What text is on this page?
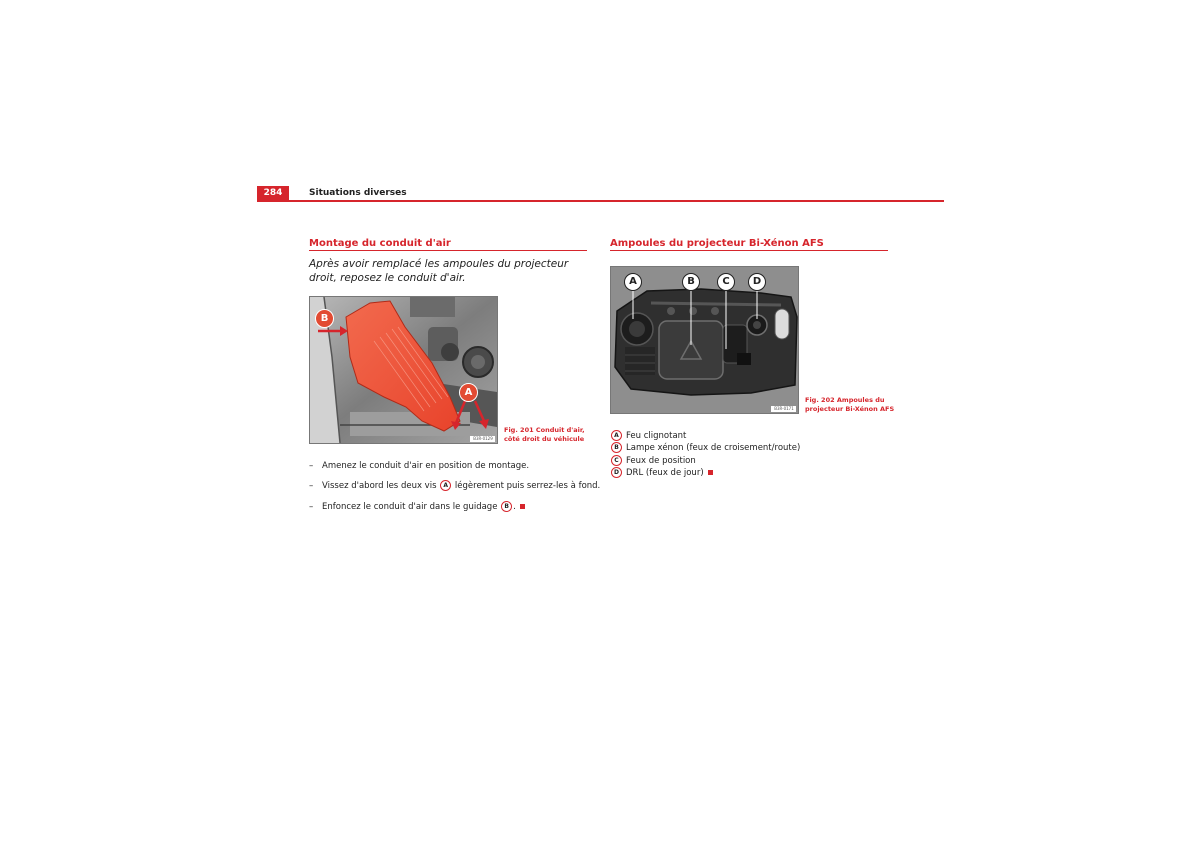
284	Situations diverses
Montage du conduit d'air
Après avoir remplacé les ampoules du projecteur droit, reposez le conduit d'air.
B
A
B3R-0129
Fig. 201 Conduit d'air,
côté droit du véhicule
– Amenez le conduit d'air en position de montage.
– Vissez d'abord les deux vis A légèrement puis serrez-les à fond.
– Enfoncez le conduit d'air dans le guidage B .
Ampoules du projecteur Bi-Xénon AFS
A	B	C	D
B3R-0171
Fig. 202 Ampoules du
projecteur Bi-Xénon AFS
A Feu clignotant
B Lampe xénon (feux de croisement/route)
C Feux de position
D DRL (feux de jour)
